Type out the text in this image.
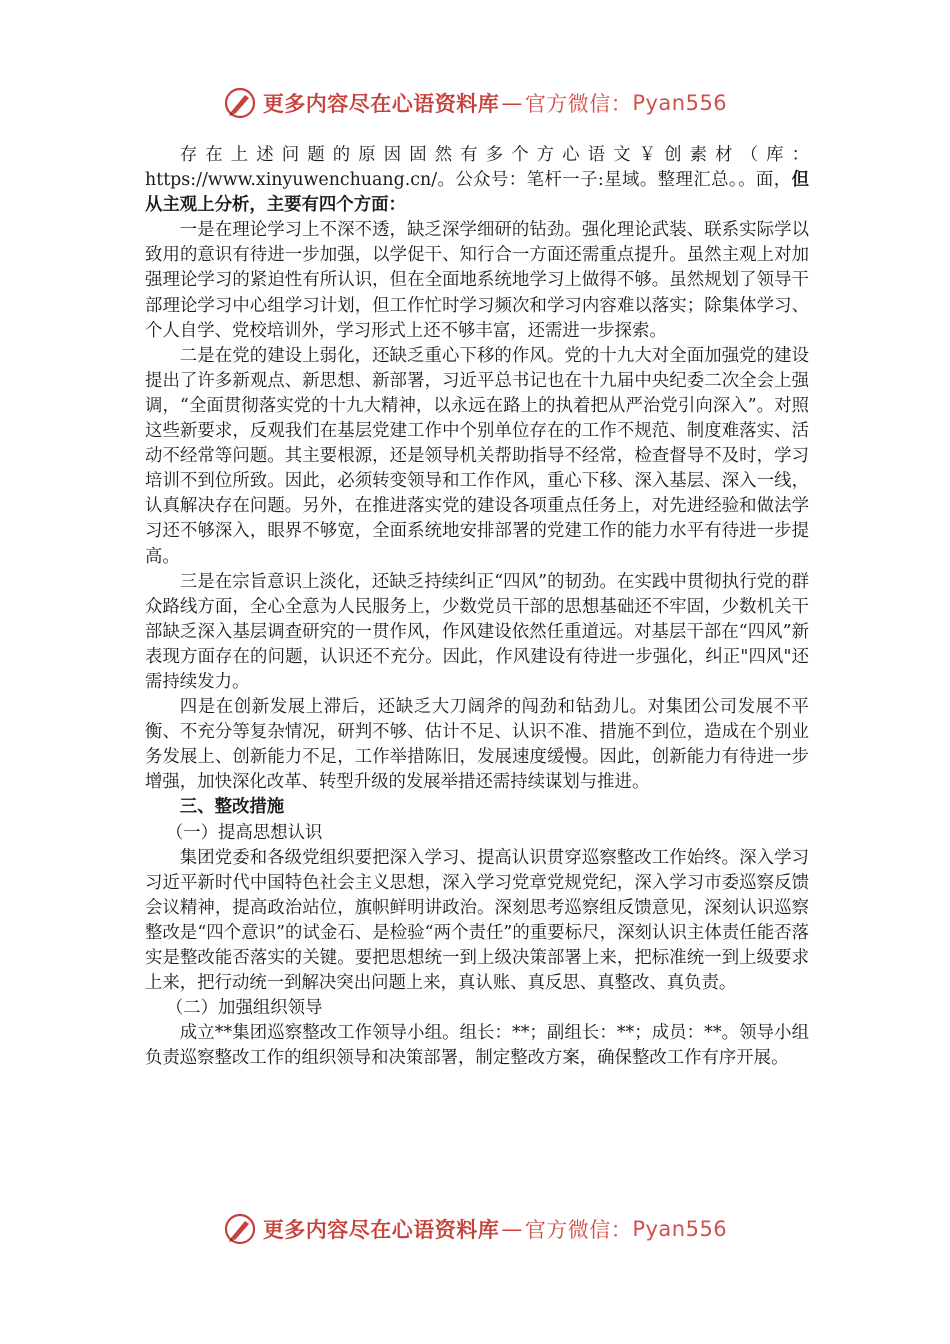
更多内容尽在心语资料库 — 官方微信： Pyan556

存在上述问题的原因固然有多个方心语文￥创素材（库：https://www.xinyuwenchuang.cn/。公众号：笔杆一子:星域。整理汇总。。面，但从主观上分析，主要有四个方面：

一是在理论学习上不深不透，缺乏深学细研的钻劲。强化理论武装、联系实际学以致用的意识有待进一步加强，以学促干、知行合一方面还需重点提升。虽然主观上对加强理论学习的紧迫性有所认识，但在全面地系统地学习上做得不够。虽然规划了领导干部理论学习中心组学习计划，但工作忙时学习频次和学习内容难以落实；除集体学习、个人自学、党校培训外，学习形式上还不够丰富，还需进一步探索。

二是在党的建设上弱化，还缺乏重心下移的作风。党的十九大对全面加强党的建设提出了许多新观点、新思想、新部署，习近平总书记也在十九届中央纪委二次全会上强调，“全面贯彻落实党的十九大精神，以永远在路上的执着把从严治党引向深入”。对照这些新要求，反观我们在基层党建工作中个别单位存在的工作不规范、制度难落实、活动不经常等问题。其主要根源，还是领导机关帮助指导不经常，检查督导不及时，学习培训不到位所致。因此，必须转变领导和工作作风，重心下移、深入基层、深入一线，认真解决存在问题。另外，在推进落实党的建设各项重点任务上，对先进经验和做法学习还不够深入，眼界不够宽，全面系统地安排部署的党建工作的能力水平有待进一步提高。

三是在宗旨意识上淡化，还缺乏持续纠正“四风”的韧劲。在实践中贯彻执行党的群众路线方面，全心全意为人民服务上，少数党员干部的思想基础还不牢固，少数机关干部缺乏深入基层调查研究的一贯作风，作风建设依然任重道远。对基层干部在“四风”新表现方面存在的问题，认识还不充分。因此，作风建设有待进一步强化，纠正"四风"还需持续发力。

四是在创新发展上滞后，还缺乏大刀阔斧的闯劲和钻劲儿。对集团公司发展不平衡、不充分等复杂情况，研判不够、估计不足、认识不准、措施不到位，造成在个别业务发展上、创新能力不足，工作举措陈旧，发展速度缓慢。因此，创新能力有待进一步增强，加快深化改革、转型升级的发展举措还需持续谋划与推进。

三、整改措施

（一）提高思想认识

集团党委和各级党组织要把深入学习、提高认识贯穿巡察整改工作始终。深入学习习近平新时代中国特色社会主义思想，深入学习党章党规党纪，深入学习市委巡察反馈会议精神，提高政治站位，旗帜鲜明讲政治。深刻思考巡察组反馈意见，深刻认识巡察整改是“四个意识”的试金石、是检验“两个责任”的重要标尺，深刻认识主体责任能否落实是整改能否落实的关键。要把思想统一到上级决策部署上来，把标准统一到上级要求上来，把行动统一到解决突出问题上来，真认账、真反思、真整改、真负责。

（二）加强组织领导

成立**集团巡察整改工作领导小组。组长：**；副组长：**；成员：**。领导小组负责巡察整改工作的组织领导和决策部署，制定整改方案，确保整改工作有序开展。

更多内容尽在心语资料库 — 官方微信： Pyan556
